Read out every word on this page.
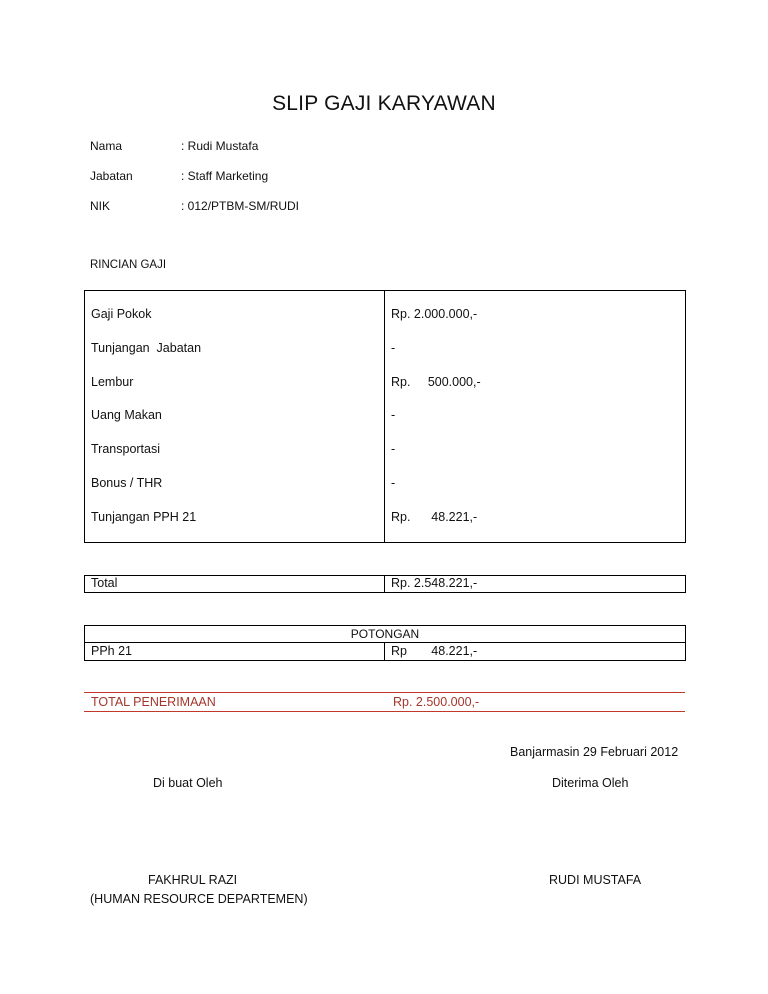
SLIP GAJI KARYAWAN
Nama	: Rudi Mustafa
Jabatan	: Staff Marketing
NIK	: 012/PTBM-SM/RUDI
RINCIAN GAJI
Gaji Pokok	Rp. 2.000.000,-
Tunjangan  Jabatan	-
Lembur	Rp.     500.000,-
Uang Makan	-
Transportasi	-
Bonus / THR	-
Tunjangan PPH 21	Rp.      48.221,-
Total	Rp. 2.548.221,-
POTONGAN
PPh 21	Rp       48.221,-
TOTAL PENERIMAAN	Rp. 2.500.000,-
Banjarmasin 29 Februari 2012
Di buat Oleh	Diterima Oleh
FAKHRUL RAZI
(HUMAN RESOURCE DEPARTEMEN)
RUDI MUSTAFA
